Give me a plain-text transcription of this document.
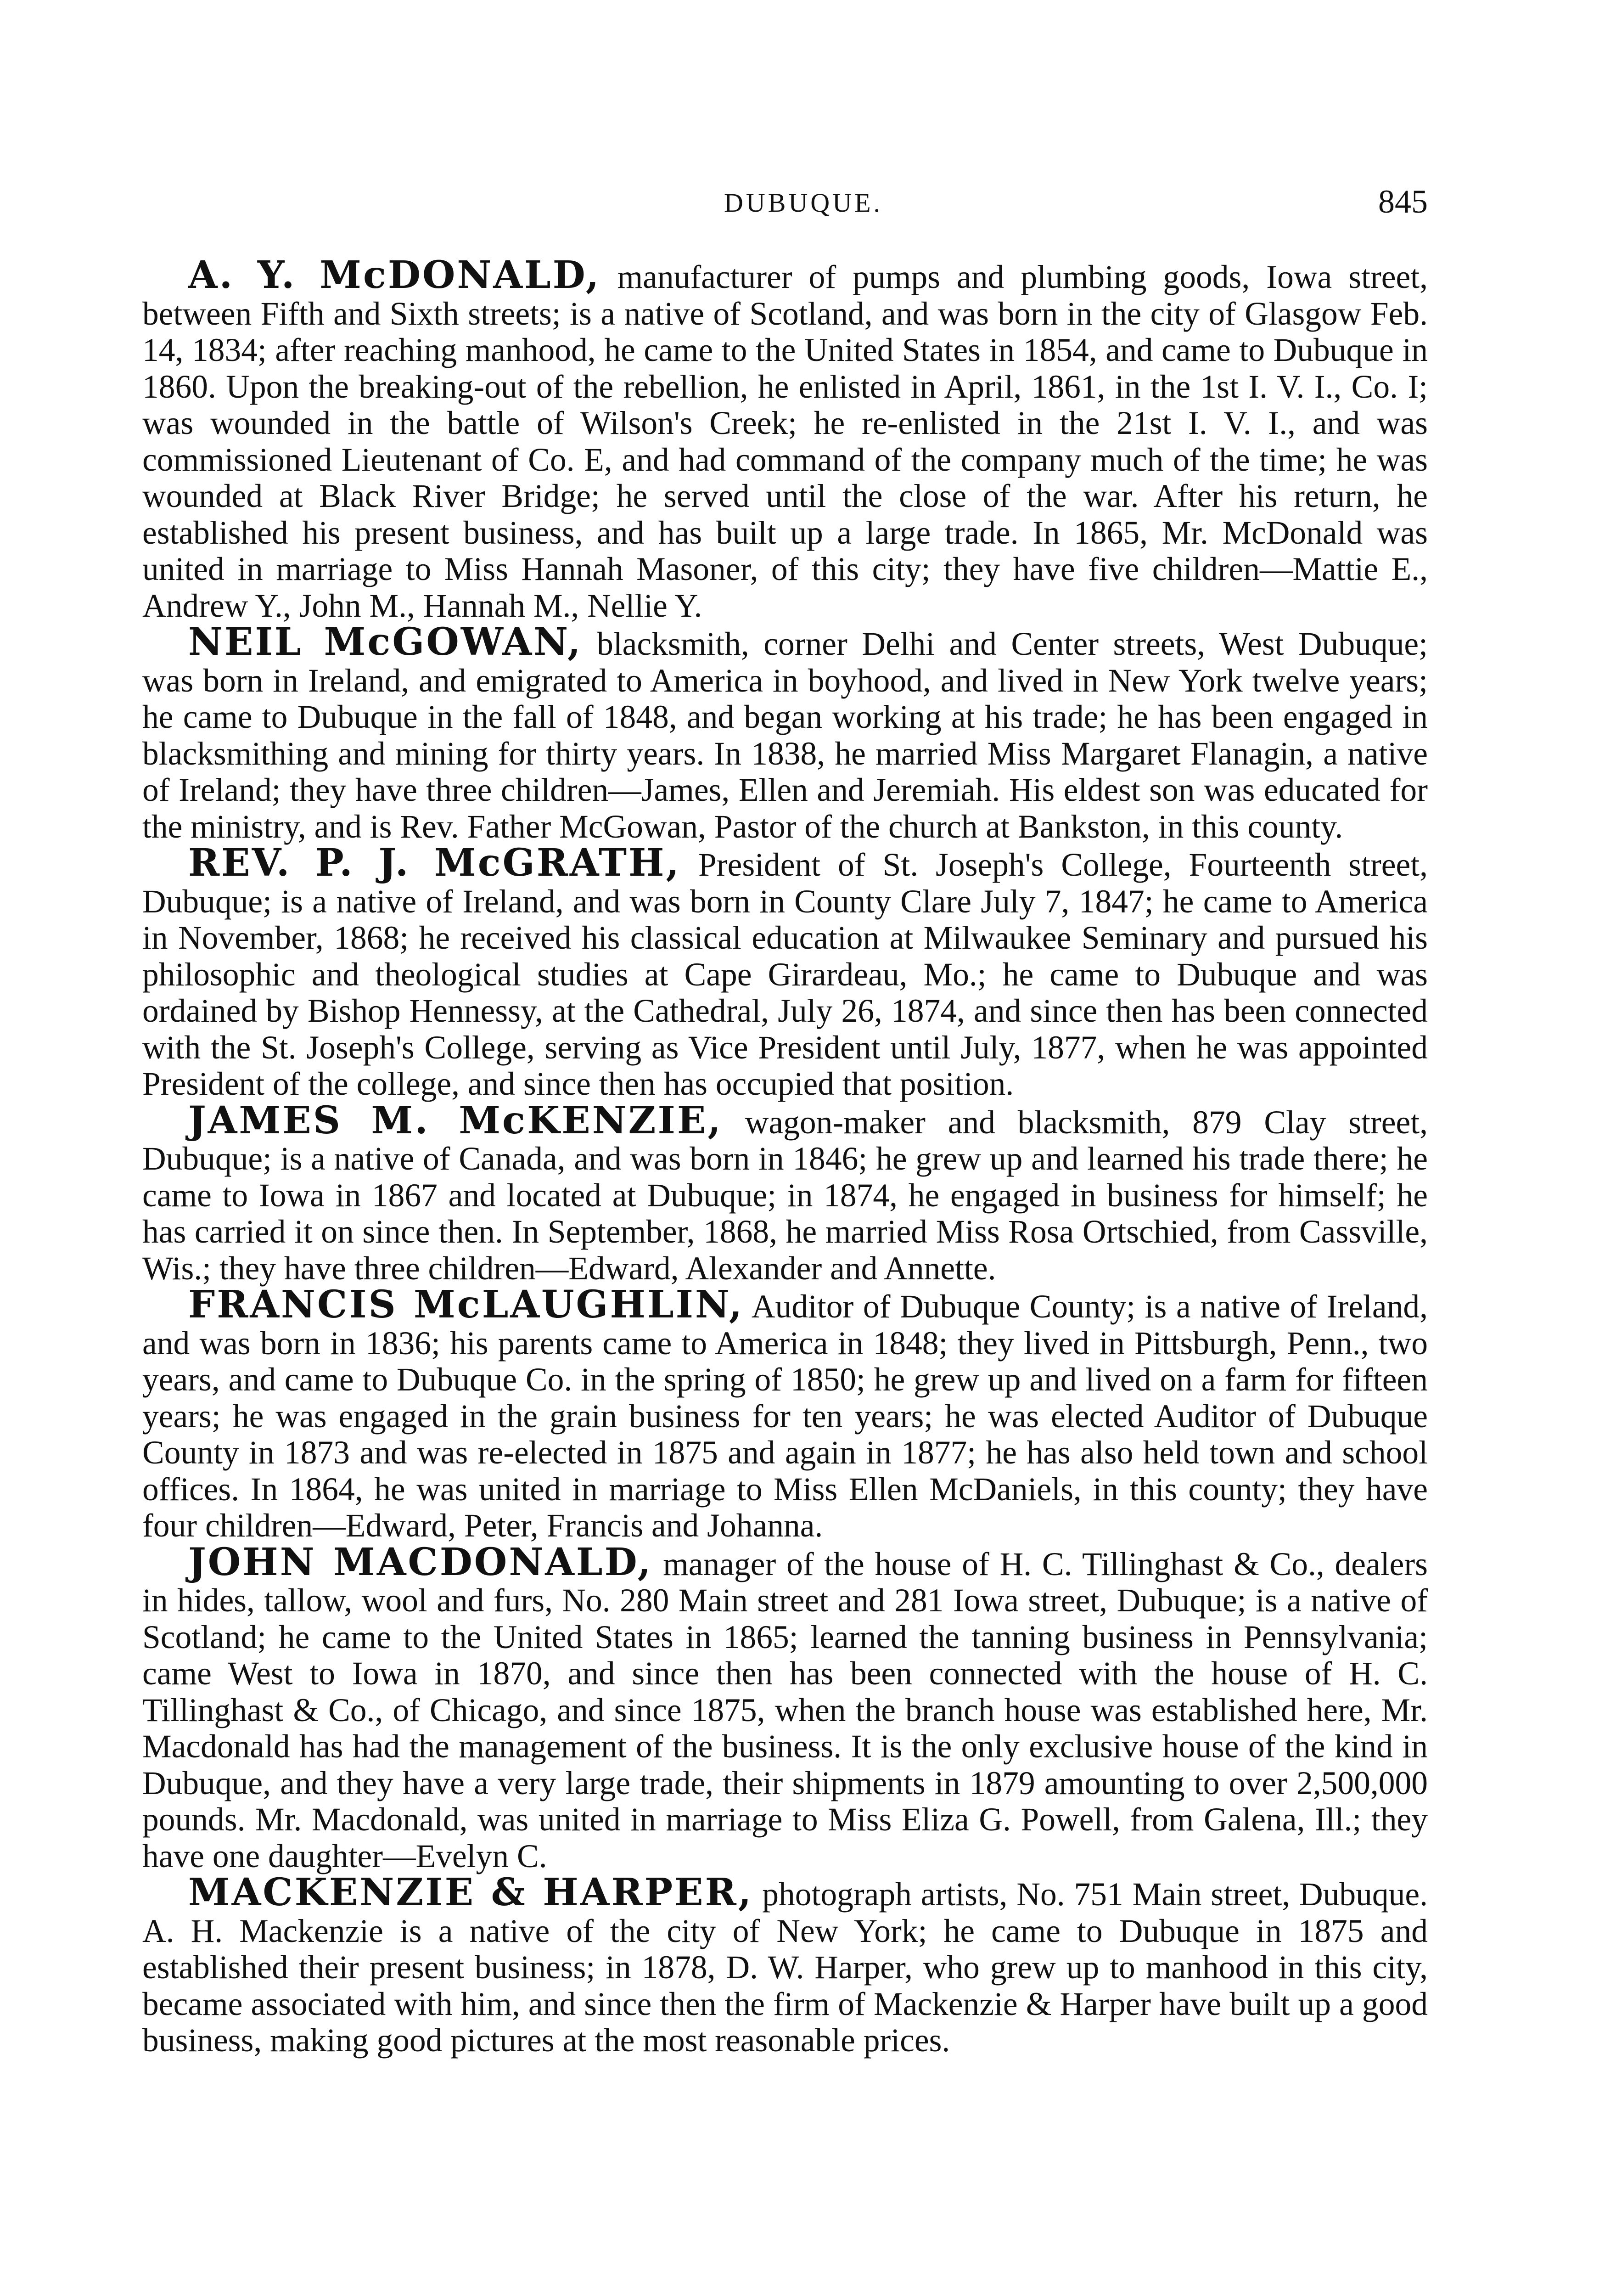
DUBUQUE.	845

A. Y. McDONALD, manufacturer of pumps and plumbing goods, Iowa street, between Fifth and Sixth streets; is a native of Scotland, and was born in the city of Glasgow Feb. 14, 1834; after reaching manhood, he came to the United States in 1854, and came to Dubuque in 1860. Upon the breaking-out of the rebellion, he enlisted in April, 1861, in the 1st I. V. I., Co. I; was wounded in the battle of Wilson's Creek; he re-enlisted in the 21st I. V. I., and was commissioned Lieutenant of Co. E, and had command of the company much of the time; he was wounded at Black River Bridge; he served until the close of the war. After his return, he established his present business, and has built up a large trade. In 1865, Mr. McDonald was united in marriage to Miss Hannah Masoner, of this city; they have five children—Mattie E., Andrew Y., John M., Hannah M., Nellie Y.

NEIL McGOWAN, blacksmith, corner Delhi and Center streets, West Dubuque; was born in Ireland, and emigrated to America in boyhood, and lived in New York twelve years; he came to Dubuque in the fall of 1848, and began working at his trade; he has been engaged in blacksmithing and mining for thirty years. In 1838, he married Miss Margaret Flanagin, a native of Ireland; they have three children—James, Ellen and Jeremiah. His eldest son was educated for the ministry, and is Rev. Father McGowan, Pastor of the church at Bankston, in this county.

REV. P. J. McGRATH, President of St. Joseph's College, Fourteenth street, Dubuque; is a native of Ireland, and was born in County Clare July 7, 1847; he came to America in November, 1868; he received his classical education at Milwaukee Seminary and pursued his philosophic and theological studies at Cape Girardeau, Mo.; he came to Dubuque and was ordained by Bishop Hennessy, at the Cathedral, July 26, 1874, and since then has been connected with the St. Joseph's College, serving as Vice President until July, 1877, when he was appointed President of the college, and since then has occupied that position.

JAMES M. McKENZIE, wagon-maker and blacksmith, 879 Clay street, Dubuque; is a native of Canada, and was born in 1846; he grew up and learned his trade there; he came to Iowa in 1867 and located at Dubuque; in 1874, he engaged in business for himself; he has carried it on since then. In September, 1868, he married Miss Rosa Ortschied, from Cassville, Wis.; they have three children—Edward, Alexander and Annette.

FRANCIS McLAUGHLIN, Auditor of Dubuque County; is a native of Ireland, and was born in 1836; his parents came to America in 1848; they lived in Pittsburgh, Penn., two years, and came to Dubuque Co. in the spring of 1850; he grew up and lived on a farm for fifteen years; he was engaged in the grain business for ten years; he was elected Auditor of Dubuque County in 1873 and was re-elected in 1875 and again in 1877; he has also held town and school offices. In 1864, he was united in marriage to Miss Ellen McDaniels, in this county; they have four children—Edward, Peter, Francis and Johanna.

JOHN MACDONALD, manager of the house of H. C. Tillinghast & Co., dealers in hides, tallow, wool and furs, No. 280 Main street and 281 Iowa street, Dubuque; is a native of Scotland; he came to the United States in 1865; learned the tanning business in Pennsylvania; came West to Iowa in 1870, and since then has been connected with the house of H. C. Tillinghast & Co., of Chicago, and since 1875, when the branch house was established here, Mr. Macdonald has had the management of the business. It is the only exclusive house of the kind in Dubuque, and they have a very large trade, their shipments in 1879 amounting to over 2,500,000 pounds. Mr. Macdonald, was united in marriage to Miss Eliza G. Powell, from Galena, Ill.; they have one daughter—Evelyn C.

MACKENZIE & HARPER, photograph artists, No. 751 Main street, Dubuque. A. H. Mackenzie is a native of the city of New York; he came to Dubuque in 1875 and established their present business; in 1878, D. W. Harper, who grew up to manhood in this city, became associated with him, and since then the firm of Mackenzie & Harper have built up a good business, making good pictures at the most reasonable prices.
